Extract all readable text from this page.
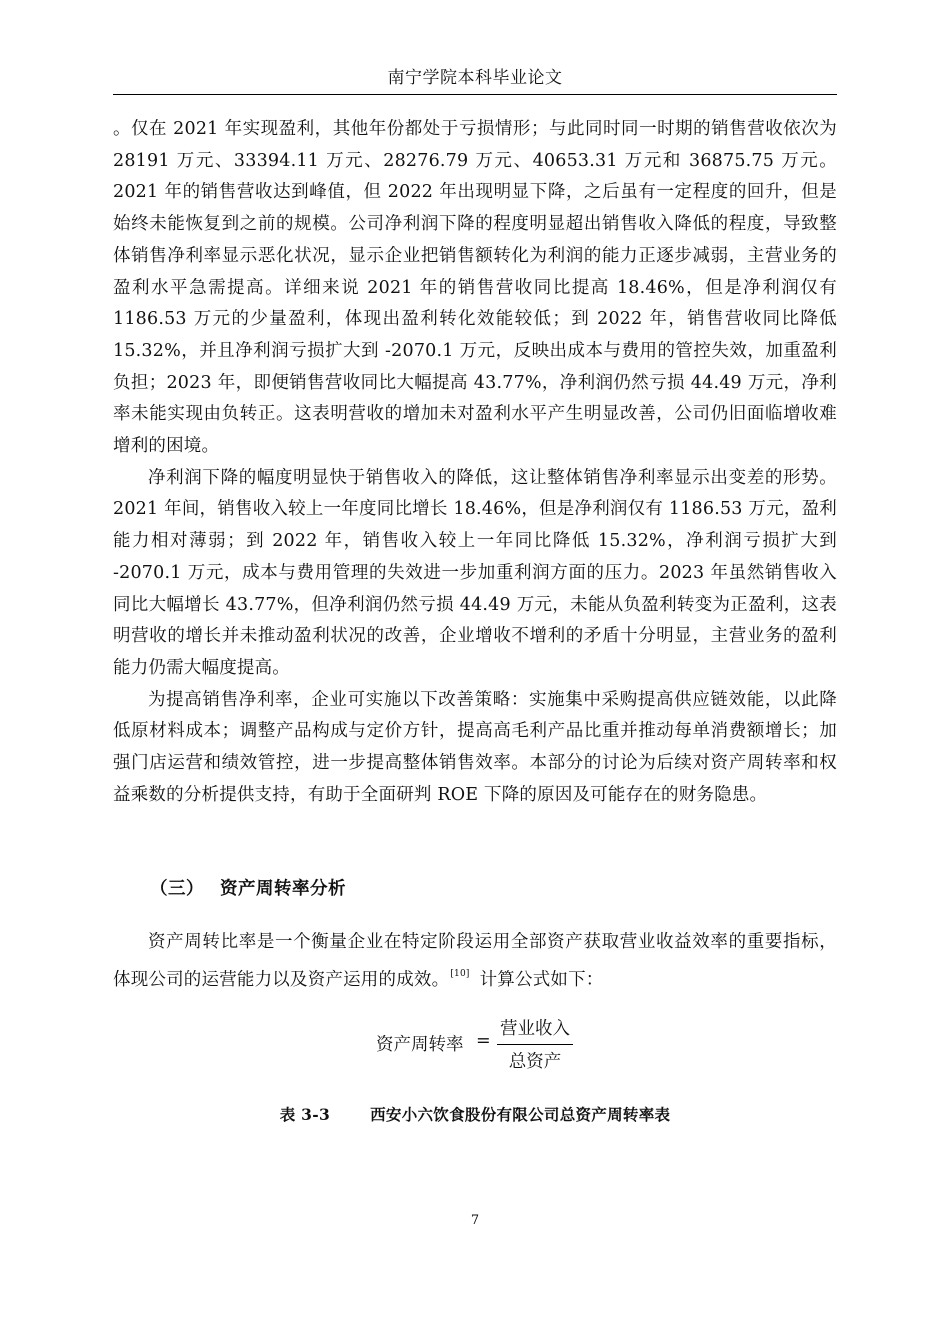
南宁学院本科毕业论文

。仅在 2021 年实现盈利，其他年份都处于亏损情形；与此同时同一时期的销售营收依次为 28191 万元、33394.11 万元、28276.79 万元、40653.31 万元和 36875.75 万元。2021 年的销售营收达到峰值，但 2022 年出现明显下降，之后虽有一定程度的回升，但是始终未能恢复到之前的规模。公司净利润下降的程度明显超出销售收入降低的程度，导致整体销售净利率显示恶化状况，显示企业把销售额转化为利润的能力正逐步减弱，主营业务的盈利水平急需提高。详细来说 2021 年的销售营收同比提高 18.46%，但是净利润仅有 1186.53 万元的少量盈利，体现出盈利转化效能较低；到 2022 年，销售营收同比降低 15.32%，并且净利润亏损扩大到 -2070.1 万元，反映出成本与费用的管控失效，加重盈利负担；2023 年，即便销售营收同比大幅提高 43.77%，净利润仍然亏损 44.49 万元，净利率未能实现由负转正。这表明营收的增加未对盈利水平产生明显改善，公司仍旧面临增收难增利的困境。

净利润下降的幅度明显快于销售收入的降低，这让整体销售净利率显示出变差的形势。 2021 年间，销售收入较上一年度同比增长 18.46%，但是净利润仅有 1186.53 万元，盈利能力相对薄弱；到 2022 年，销售收入较上一年同比降低 15.32%，净利润亏损扩大到 -2070.1 万元，成本与费用管理的失效进一步加重利润方面的压力。2023 年虽然销售收入同比大幅增长 43.77%，但净利润仍然亏损 44.49 万元，未能从负盈利转变为正盈利，这表明营收的增长并未推动盈利状况的改善，企业增收不增利的矛盾十分明显，主营业务的盈利能力仍需大幅度提高。

为提高销售净利率，企业可实施以下改善策略：实施集中采购提高供应链效能，以此降低原材料成本；调整产品构成与定价方针，提高高毛利产品比重并推动每单消费额增长；加强门店运营和绩效管控，进一步提高整体销售效率。本部分的讨论为后续对资产周转率和权益乘数的分析提供支持，有助于全面研判 ROE 下降的原因及可能存在的财务隐患。

（三） 资产周转率分析

资产周转比率是一个衡量企业在特定阶段运用全部资产获取营业收益效率的重要指标，体现公司的运营能力以及资产运用的成效。[10] 计算公式如下：

资产周转率 =
营业收入
总资产
表 3-3	西安小六饮食股份有限公司总资产周转率表
7
